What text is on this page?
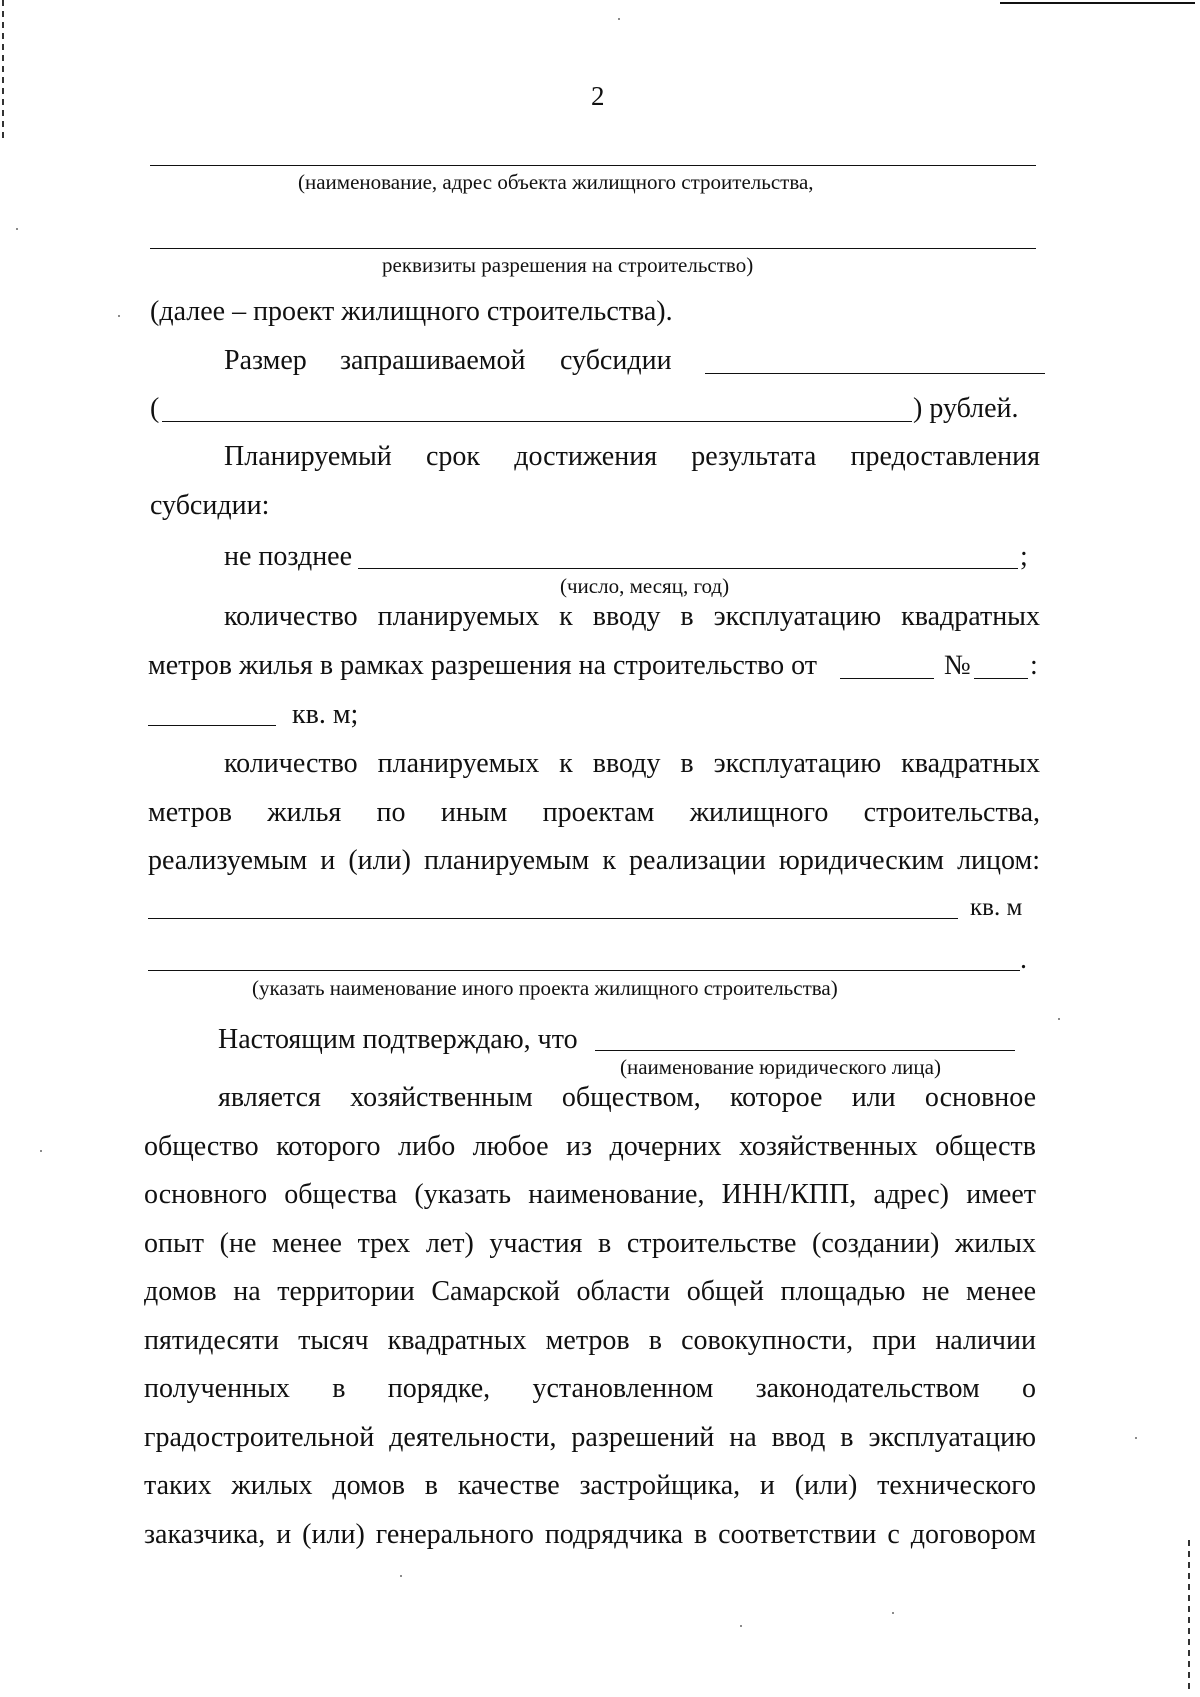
2
(наименование, адрес объекта жилищного строительства,
реквизиты разрешения на строительство)
(далее – проект жилищного строительства).
Размер запрашиваемой субсидии
(	) рублей.
Планируемый срок достижения результата предоставления
субсидии:
не позднее	;
(число, месяц, год)
количество планируемых к вводу в эксплуатацию квадратных
метров жилья в рамках разрешения на строительство от	№ :
кв. м;
количество планируемых к вводу в эксплуатацию квадратных
метров жилья по иным проектам жилищного строительства,
реализуемым и (или) планируемым к реализации юридическим лицом:
кв. м
.
(указать наименование иного проекта жилищного строительства)
Настоящим подтверждаю, что
(наименование юридического лица)
является хозяйственным обществом, которое или основное
общество которого либо любое из дочерних хозяйственных обществ
основного общества (указать наименование, ИНН/КПП, адрес) имеет
опыт (не менее трех лет) участия в строительстве (создании) жилых
домов на территории Самарской области общей площадью не менее
пятидесяти тысяч квадратных метров в совокупности, при наличии
полученных в порядке, установленном законодательством о
градостроительной деятельности, разрешений на ввод в эксплуатацию
таких жилых домов в качестве застройщика, и (или) технического
заказчика, и (или) генерального подрядчика в соответствии с договором
